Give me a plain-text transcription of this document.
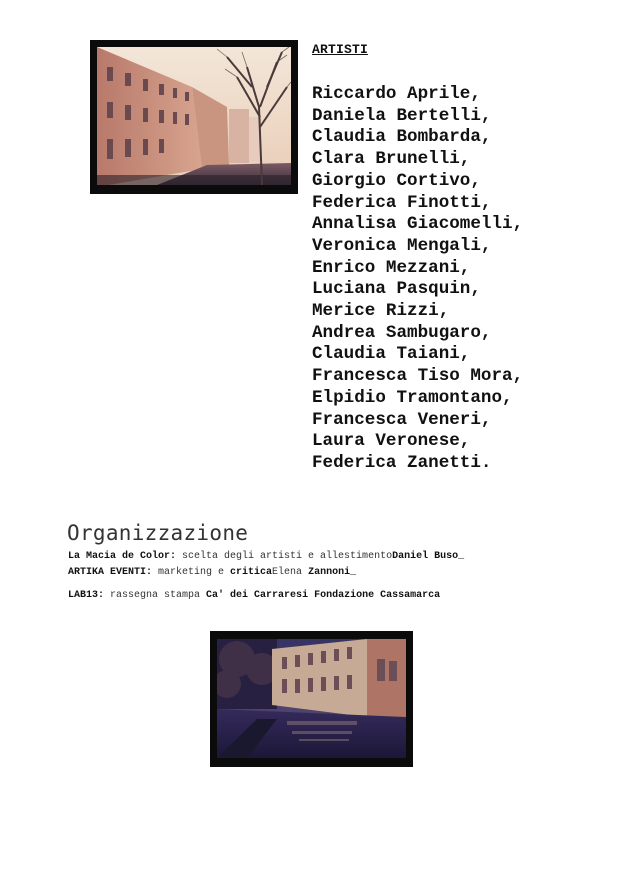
ARTISTI
Riccardo Aprile,
Daniela Bertelli,
Claudia Bombarda,
Clara Brunelli,
Giorgio Cortivo,
Federica Finotti,
Annalisa Giacomelli,
Veronica Mengali,
Enrico Mezzani,
Luciana Pasquin,
Merice Rizzi,
Andrea Sambugaro,
Claudia Taiani,
Francesca Tiso Mora,
Elpidio Tramontano,
Francesca Veneri,
Laura Veronese,
Federica Zanetti.
Organizzazione
La Macia de Color: scelta degli artisti e allestimentoDaniel Buso_
ARTIKA EVENTI: marketing e criticaElena Zannoni_
LAB13: rassegna stampa Ca' dei Carraresi Fondazione Cassamarca
